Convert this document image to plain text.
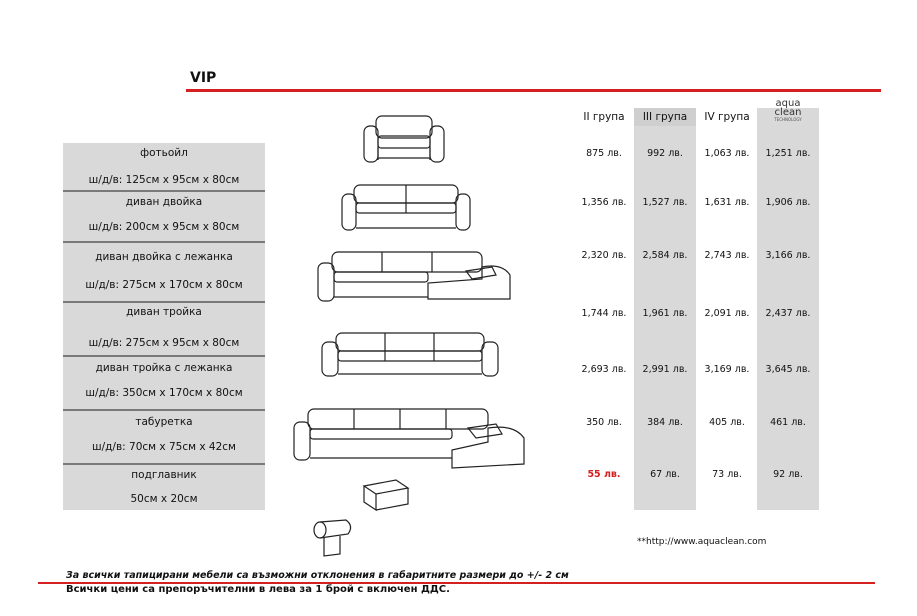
VIP
II група	III група	IV група
aqua
clean
TECHNOLOGY
фотьойл
ш/д/в: 125см х 95см х 80см
диван двойка
ш/д/в: 200см х 95см х 80см
диван двойка с лежанка
ш/д/в: 275см х 170см х 80см
диван тройка
ш/д/в: 275см х 95см х 80см
диван тройка с лежанка
ш/д/в: 350см х 170см х 80см
табуретка
ш/д/в: 70см х 75см х 42см
подглавник
50см х 20см
875 лв.	992 лв.	1,063 лв.	1,251 лв.
1,356 лв.	1,527 лв.	1,631 лв.	1,906 лв.
2,320 лв.	2,584 лв.	2,743 лв.	3,166 лв.
1,744 лв.	1,961 лв.	2,091 лв.	2,437 лв.
2,693 лв.	2,991 лв.	3,169 лв.	3,645 лв.
350 лв.	384 лв.	405 лв.	461 лв.
55 лв.	67 лв.	73 лв.	92 лв.
**http://www.aquaclean.com
За всички тапицирани мебели са възможни отклонения в габаритните размери до +/- 2 см
Всички цени са препоръчителни в лева за 1 брой с включен ДДС.
